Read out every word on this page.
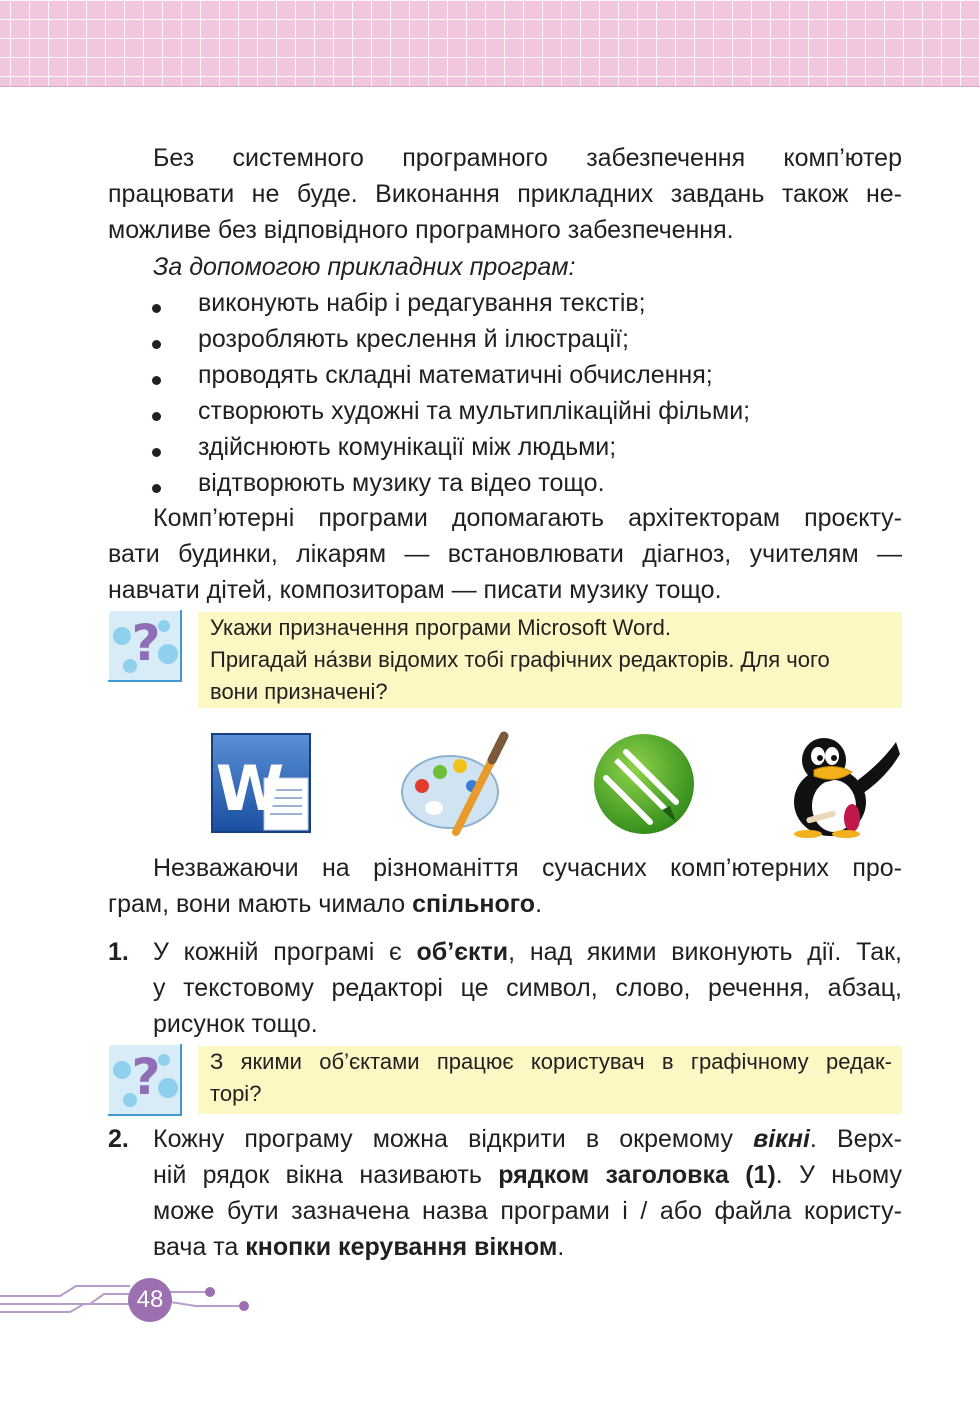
Без системного програмного забезпечення комп’ютер
працювати не буде. Виконання прикладних завдань також не-
можливе без відповідного програмного забезпечення.
За допомогою прикладних програм:
виконують набір і редагування текстів;
розробляють креслення й ілюстрації;
проводять складні математичні обчислення;
створюють художні та мультиплікаційні фільми;
здійснюють комунікації між людьми;
відтворюють музику та відео тощо.
Комп’ютерні програми допомагають архітекторам проєкту-
вати будинки, лікарям — встановлювати діагноз, учителям —
навчати дітей, композиторам — писати музику тощо.
?	Укажи призначення програми Microsoft Word.

Пригадай на́зви відомих тобі графічних редакторів. Для чого

вони призначені?

W
Незважаючи на різноманіття сучасних комп’ютерних про-
грам, вони мають чимало спільного.
1. У кожній програмі є об’єкти, над якими виконують дії. Так,
у текстовому редакторі це символ, слово, речення, абзац,
рисунок тощо.
?	З якими об’єктами працює користувач в графічному редак-

торі?

2. Кожну програму можна відкрити в окремому вікні. Верх-
ній рядок вікна називають рядком заголовка (1). У ньому
може бути зазначена назва програми і / або файла користу-
вача та кнопки керування вікном.
48
